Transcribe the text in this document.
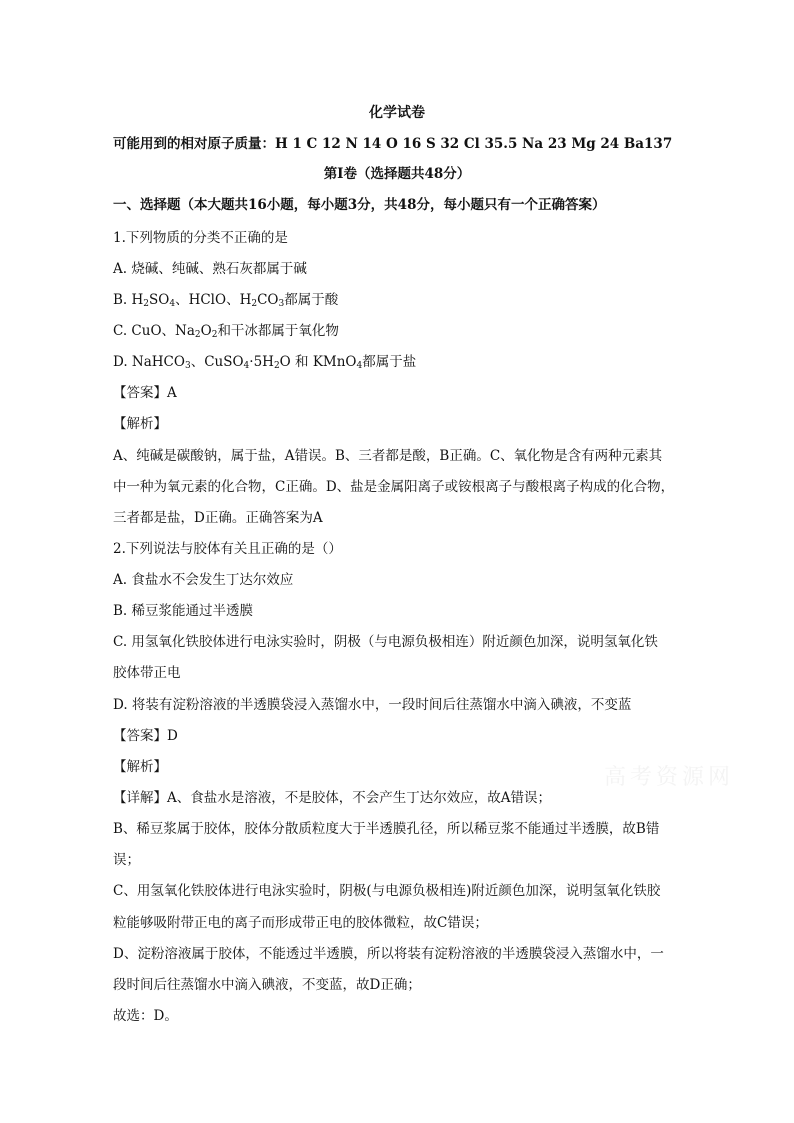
化学试卷
可能用到的相对原子质量：H 1 C 12 N 14 O 16 S 32 Cl 35.5 Na 23 Mg 24 Ba137
第Ⅰ卷（选择题共48分）
一、选择题（本大题共16小题，每小题3分，共48分，每小题只有一个正确答案）
1.下列物质的分类不正确的是
A. 烧碱、纯碱、熟石灰都属于碱
B. $H_2SO_4$、HClO、$H_2CO_3$都属于酸
C. CuO、$Na_2O_2$和干冰都属于氧化物
D. NaHCO$_3$、$CuSO_4\cdot 5H_2O$ 和 KMnO$_4$都属于盐
【答案】A
【解析】
A、纯碱是碳酸钠，属于盐，A错误。B、三者都是酸，B正确。C、氧化物是含有两种元素其
中一种为氧元素的化合物，C正确。D、盐是金属阳离子或铵根离子与酸根离子构成的化合物，
三者都是盐，D正确。正确答案为A
2.下列说法与胶体有关且正确的是（）
A. 食盐水不会发生丁达尔效应
B. 稀豆浆能通过半透膜
C. 用氢氧化铁胶体进行电泳实验时，阴极（与电源负极相连）附近颜色加深，说明氢氧化铁
胶体带正电
D. 将装有淀粉溶液的半透膜袋浸入蒸馏水中，一段时间后往蒸馏水中滴入碘液，不变蓝
【答案】D
【解析】
【详解】A、食盐水是溶液，不是胶体，不会产生丁达尔效应，故A错误；
B、稀豆浆属于胶体，胶体分散质粒度大于半透膜孔径，所以稀豆浆不能通过半透膜，故B错
误；
C、用氢氧化铁胶体进行电泳实验时，阴极(与电源负极相连)附近颜色加深，说明氢氧化铁胶
粒能够吸附带正电的离子而形成带正电的胶体微粒，故C错误；
D、淀粉溶液属于胶体，不能透过半透膜，所以将装有淀粉溶液的半透膜袋浸入蒸馏水中，一
段时间后往蒸馏水中滴入碘液，不变蓝，故D正确；
故选：D。
高考资源网
